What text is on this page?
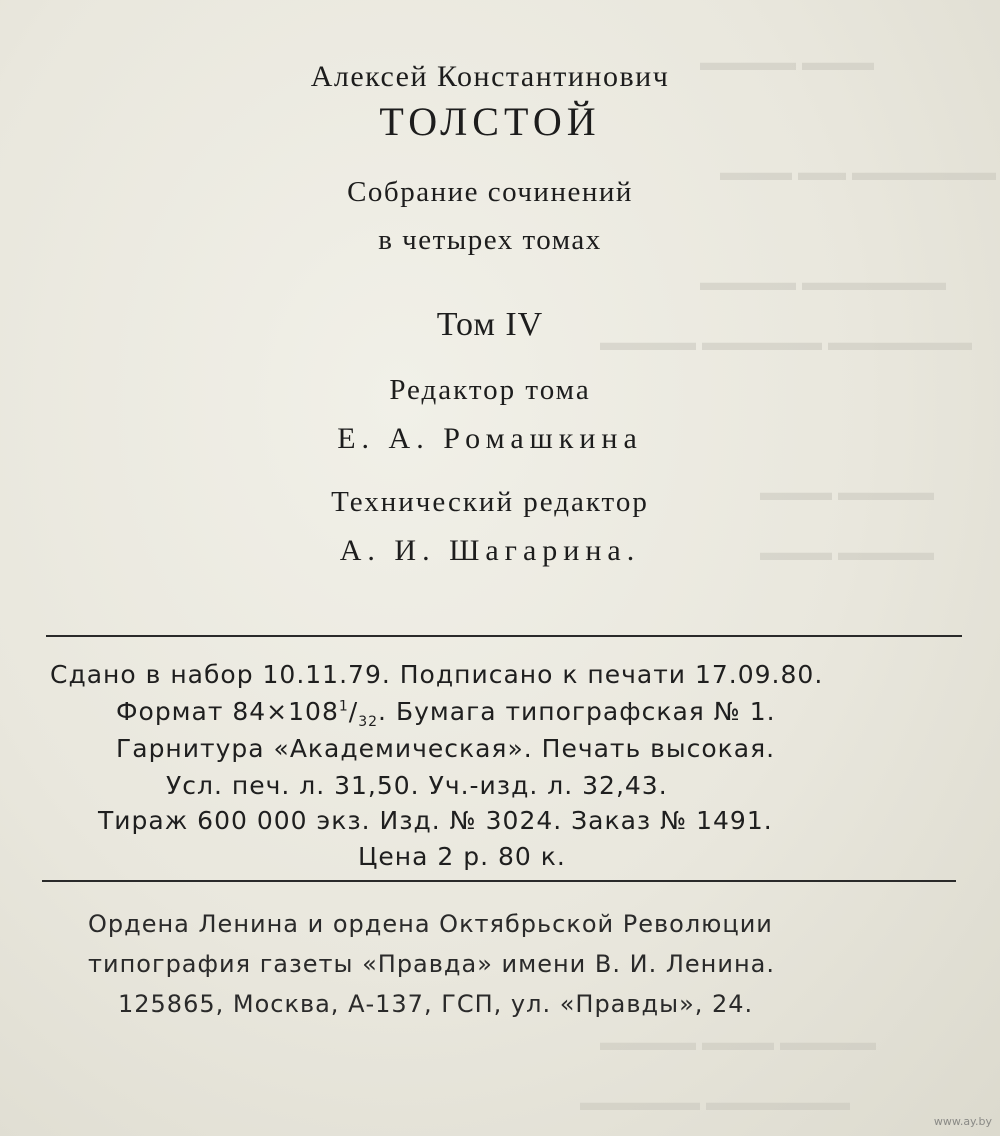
▬▬▬ ▬▬▬▬
▬▬▬▬▬▬ ▬▬ ▬▬▬
▬▬▬▬▬▬ ▬▬▬▬
▬▬▬▬▬▬ ▬▬▬▬▬ ▬▬▬▬
▬▬▬▬ ▬▬▬
▬▬▬▬ ▬▬▬
▬▬▬▬ ▬▬▬ ▬▬▬▬
▬▬▬▬▬▬ ▬▬▬▬▬
Алексей Константинович
ТОЛСТОЙ
Собрание сочинений
в четырех томах
Том IV
Редактор тома
Е. А. Ромашкина
Технический редактор
А. И. Шагарина.
Сдано в набор 10.11.79. Подписано к печати 17.09.80.
Формат $84\times 108^1/_{32}$. Бумага типографская № 1.
Гарнитура «Академическая». Печать высокая.
Усл. печ. л. 31,50. Уч.-изд. л. 32,43.
Тираж 600 000 экз. Изд. № 3024. Заказ № 1491.
Цена 2 р. 80 к.
Ордена Ленина и ордена Октябрьской Революции
типография газеты «Правда» имени В. И. Ленина.
125865, Москва, А-137, ГСП, ул. «Правды», 24.
www.ay.by
